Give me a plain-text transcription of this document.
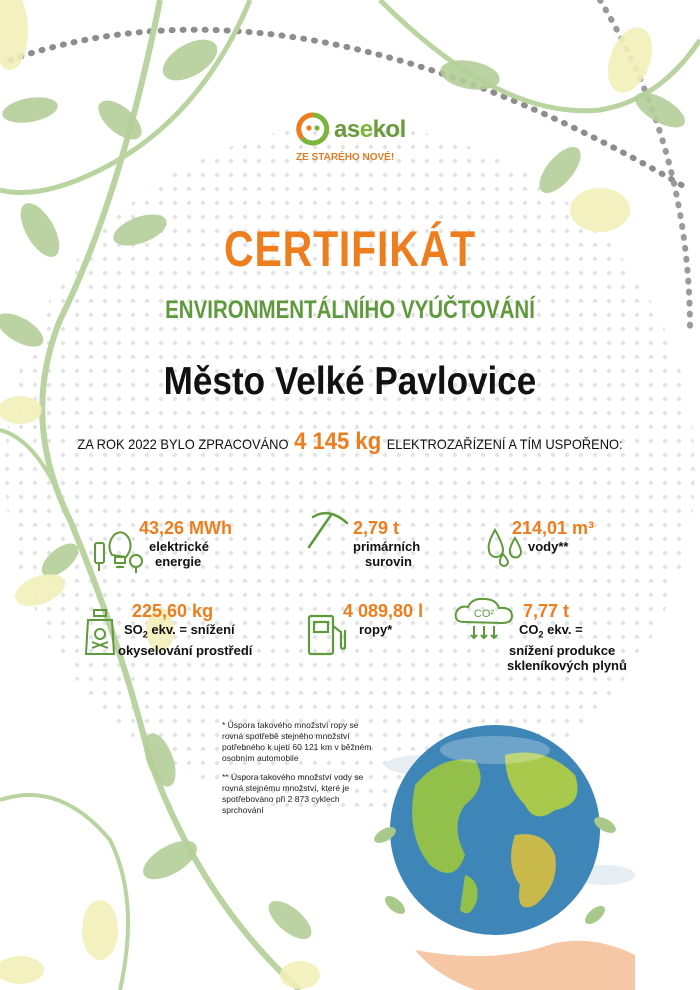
asekol
ZE STARÉHO NOVÉ!
CERTIFIKÁT
ENVIRONMENTÁLNÍHO VYÚČTOVÁNÍ
Město Velké Pavlovice
ZA ROK 2022 BYLO ZPRACOVÁNO 4 145 kg ELEKTROZAŘÍZENÍ A TÍM USPOŘENO:
43,26 MWh
elektrické
energie
2,79 t
primárních
surovin
214,01 m³
vody**
225,60 kg
$SO_2$ ekv. = snížení
okyselování prostředí
4 089,80 l
ropy*
CO²	7,77 t
$CO_2$ ekv. =
snížení produkce
skleníkových plynů

* Úspora takového množství ropy se rovná spotřebě stejného množství potřebného k ujetí 60 121 km v běžném osobním automobile

** Úspora takového množství vody se rovná stejnému množství, které je spotřebováno při 2 873 cyklech sprchování
